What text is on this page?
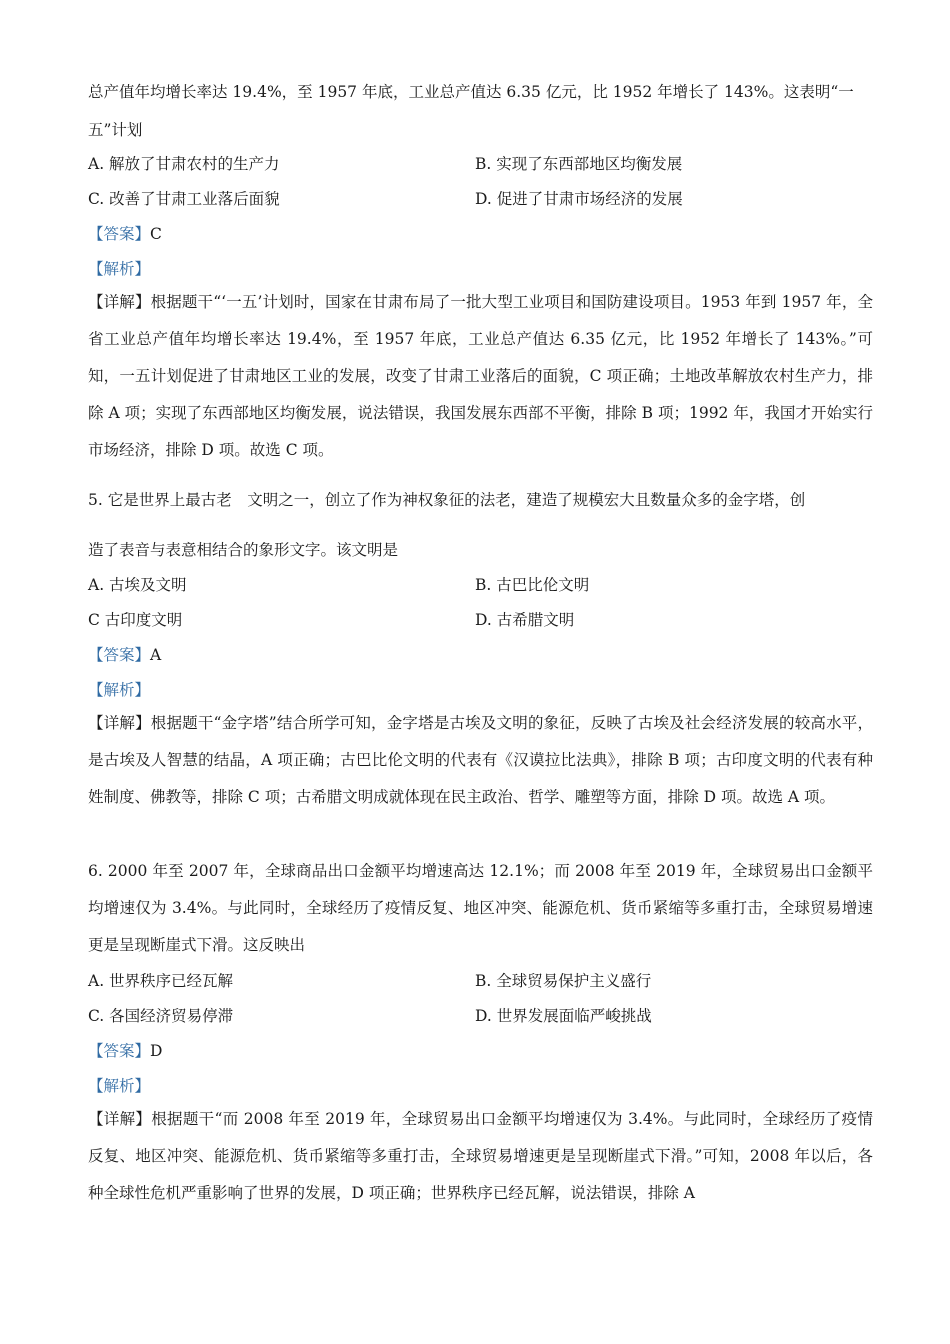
总产值年均增长率达 19.4%，至 1957 年底，工业总产值达 6.35 亿元，比 1952 年增长了 143%。这表明“一
五”计划
A. 解放了甘肃农村的生产力	B. 实现了东西部地区均衡发展
C. 改善了甘肃工业落后面貌	D. 促进了甘肃市场经济的发展
【答案】C
【解析】
【详解】根据题干“‘一五’计划时，国家在甘肃布局了一批大型工业项目和国防建设项目。1953 年到 1957 年，全省工业总产值年均增长率达 19.4%，至 1957 年底，工业总产值达 6.35 亿元，比 1952 年增长了 143%。”可知，一五计划促进了甘肃地区工业的发展，改变了甘肃工业落后的面貌，C 项正确；土地改革解放农村生产力，排除 A 项；实现了东西部地区均衡发展，说法错误，我国发展东西部不平衡，排除 B 项；1992 年，我国才开始实行市场经济，排除 D 项。故选 C 项。
5. 它是世界上最古老　文明之一，创立了作为神权象征的法老，建造了规模宏大且数量众多的金字塔，创
造了表音与表意相结合的象形文字。该文明是
A. 古埃及文明	B. 古巴比伦文明
C 古印度文明	D. 古希腊文明
【答案】A
【解析】
【详解】根据题干“金字塔”结合所学可知，金字塔是古埃及文明的象征，反映了古埃及社会经济发展的较高水平，是古埃及人智慧的结晶，A 项正确；古巴比伦文明的代表有《汉谟拉比法典》，排除 B 项；古印度文明的代表有种姓制度、佛教等，排除 C 项；古希腊文明成就体现在民主政治、哲学、雕塑等方面，排除 D 项。故选 A 项。
6. 2000 年至 2007 年，全球商品出口金额平均增速高达 12.1%；而 2008 年至 2019 年，全球贸易出口金额平均增速仅为 3.4%。与此同时，全球经历了疫情反复、地区冲突、能源危机、货币紧缩等多重打击，全球贸易增速更是呈现断崖式下滑。这反映出
A. 世界秩序已经瓦解	B. 全球贸易保护主义盛行
C. 各国经济贸易停滞	D. 世界发展面临严峻挑战
【答案】D
【解析】
【详解】根据题干“而 2008 年至 2019 年，全球贸易出口金额平均增速仅为 3.4%。与此同时，全球经历了疫情反复、地区冲突、能源危机、货币紧缩等多重打击，全球贸易增速更是呈现断崖式下滑。”可知，2008 年以后，各种全球性危机严重影响了世界的发展，D 项正确；世界秩序已经瓦解，说法错误，排除 A
